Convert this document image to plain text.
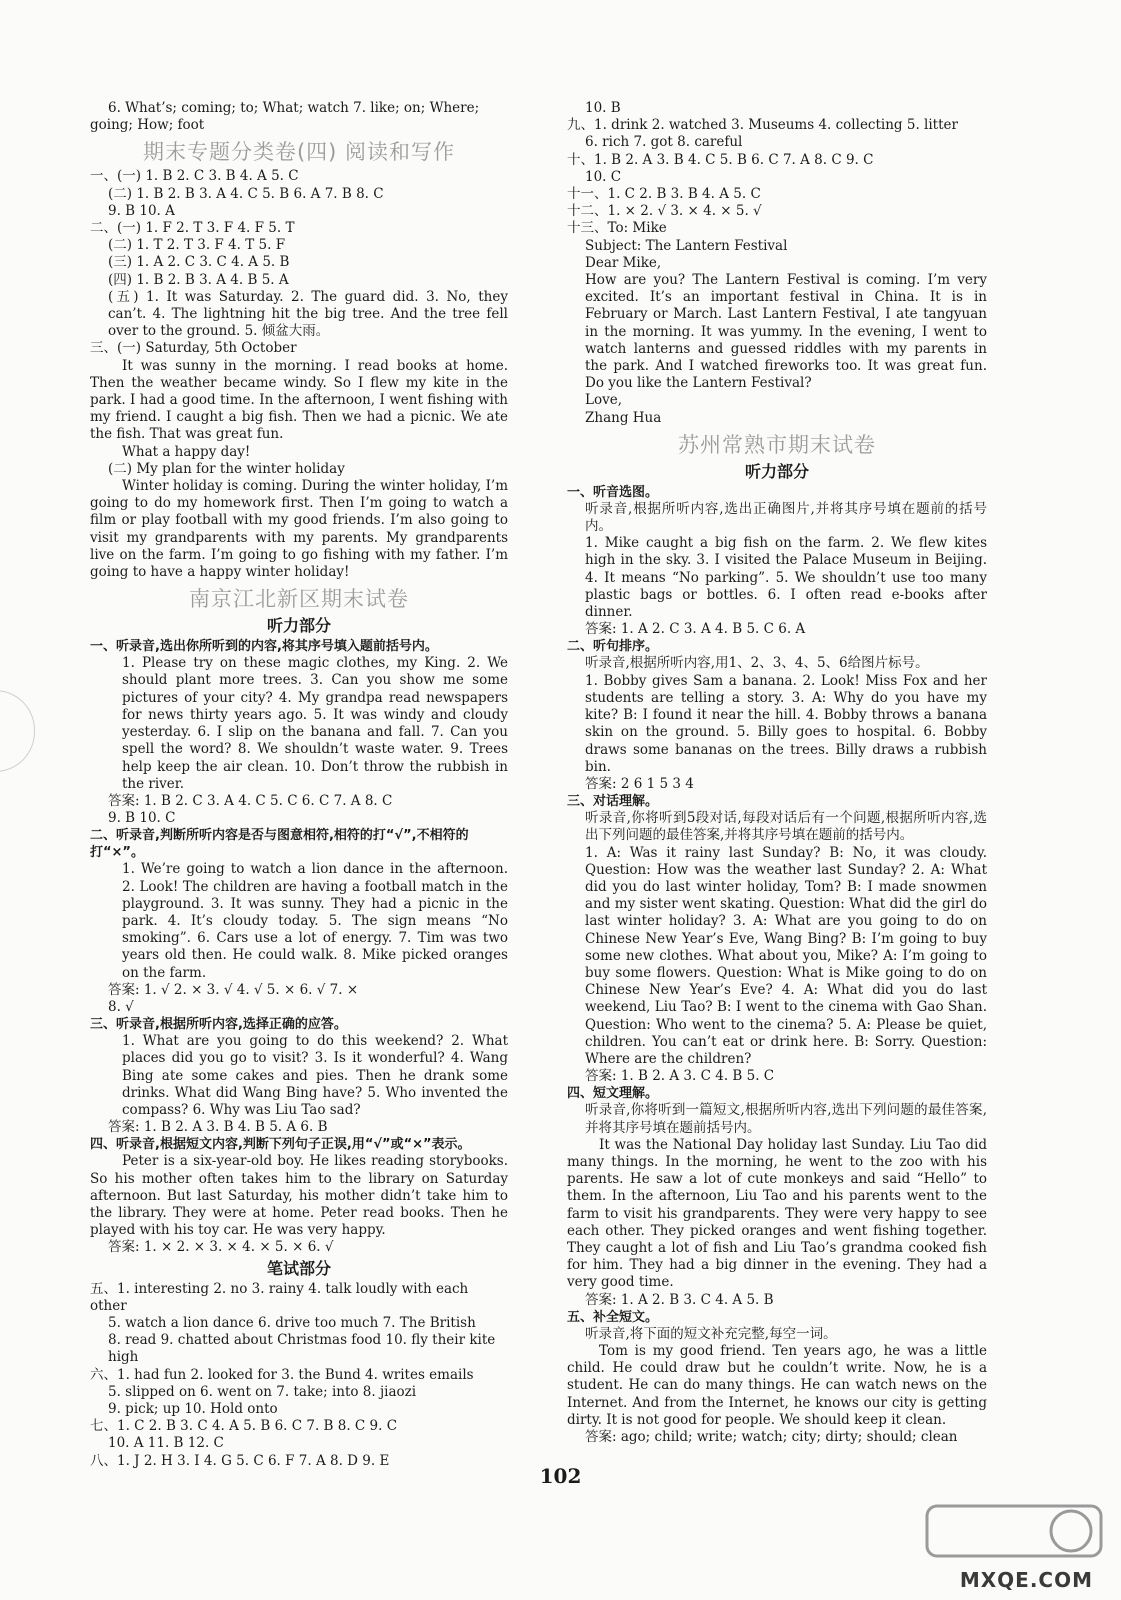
6. What’s; coming; to; What; watch 7. like; on; Where;
going; How; foot
期末专题分类卷(四) 阅读和写作
一、(一) 1. B 2. C 3. B 4. A 5. C
(二) 1. B 2. B 3. A 4. C 5. B 6. A 7. B 8. C
9. B 10. A
二、(一) 1. F 2. T 3. F 4. F 5. T
(二) 1. T 2. T 3. F 4. T 5. F
(三) 1. A 2. C 3. C 4. A 5. B
(四) 1. B 2. B 3. A 4. B 5. A
(五) 1. It was Saturday. 2. The guard did. 3. No, they can’t. 4. The lightning hit the big tree. And the tree fell over to the ground. 5. 倾盆大雨。
三、(一) Saturday, 5th October
It was sunny in the morning. I read books at home. Then the weather became windy. So I flew my kite in the park. I had a good time. In the afternoon, I went fishing with my friend. I caught a big fish. Then we had a picnic. We ate the fish. That was great fun.
What a happy day!
(二) My plan for the winter holiday
Winter holiday is coming. During the winter holiday, I’m going to do my homework first. Then I’m going to watch a film or play football with my good friends. I’m also going to visit my grandparents with my parents. My grandparents live on the farm. I’m going to go fishing with my father. I’m going to have a happy winter holiday!
南京江北新区期末试卷
听力部分
一、听录音,选出你所听到的内容,将其序号填入题前括号内。
1. Please try on these magic clothes, my King. 2. We should plant more trees. 3. Can you show me some pictures of your city? 4. My grandpa read newspapers for news thirty years ago. 5. It was windy and cloudy yesterday. 6. I slip on the banana and fall. 7. Can you spell the word? 8. We shouldn’t waste water. 9. Trees help keep the air clean. 10. Don’t throw the rubbish in the river.
答案: 1. B 2. C 3. A 4. C 5. C 6. C 7. A 8. C
9. B 10. C
二、听录音,判断所听内容是否与图意相符,相符的打“√”,不相符的打“×”。
1. We’re going to watch a lion dance in the afternoon. 2. Look! The children are having a football match in the playground. 3. It was sunny. They had a picnic in the park. 4. It’s cloudy today. 5. The sign means “No smoking”. 6. Cars use a lot of energy. 7. Tim was two years old then. He could walk. 8. Mike picked oranges on the farm.
答案: 1. √ 2. × 3. √ 4. √ 5. × 6. √ 7. ×
8. √
三、听录音,根据所听内容,选择正确的应答。
1. What are you going to do this weekend? 2. What places did you go to visit? 3. Is it wonderful? 4. Wang Bing ate some cakes and pies. Then he drank some drinks. What did Wang Bing have? 5. Who invented the compass? 6. Why was Liu Tao sad?
答案: 1. B 2. A 3. B 4. B 5. A 6. B
四、听录音,根据短文内容,判断下列句子正误,用“√”或“×”表示。
Peter is a six-year-old boy. He likes reading storybooks. So his mother often takes him to the library on Saturday afternoon. But last Saturday, his mother didn’t take him to the library. They were at home. Peter read books. Then he played with his toy car. He was very happy.
答案: 1. × 2. × 3. × 4. × 5. × 6. √
笔试部分
五、1. interesting 2. no 3. rainy 4. talk loudly with each other
5. watch a lion dance 6. drive too much 7. The British
8. read 9. chatted about Christmas food 10. fly their kite high
六、1. had fun 2. looked for 3. the Bund 4. writes emails
5. slipped on 6. went on 7. take; into 8. jiaozi
9. pick; up 10. Hold onto
七、1. C 2. B 3. C 4. A 5. B 6. C 7. B 8. C 9. C
10. A 11. B 12. C
八、1. J 2. H 3. I 4. G 5. C 6. F 7. A 8. D 9. E
10. B
九、1. drink 2. watched 3. Museums 4. collecting 5. litter
6. rich 7. got 8. careful
十、1. B 2. A 3. B 4. C 5. B 6. C 7. A 8. C 9. C
10. C
十一、1. C 2. B 3. B 4. A 5. C
十二、1. × 2. √ 3. × 4. × 5. √
十三、To: Mike
Subject: The Lantern Festival
Dear Mike,
How are you? The Lantern Festival is coming. I’m very excited. It’s an important festival in China. It is in February or March. Last Lantern Festival, I ate tangyuan in the morning. It was yummy. In the evening, I went to watch lanterns and guessed riddles with my parents in the park. And I watched fireworks too. It was great fun. Do you like the Lantern Festival?
Love,
Zhang Hua
苏州常熟市期末试卷
听力部分
一、听音选图。
听录音,根据所听内容,选出正确图片,并将其序号填在题前的括号内。
1. Mike caught a big fish on the farm. 2. We flew kites high in the sky. 3. I visited the Palace Museum in Beijing. 4. It means “No parking”. 5. We shouldn’t use too many plastic bags or bottles. 6. I often read e-books after dinner.
答案: 1. A 2. C 3. A 4. B 5. C 6. A
二、听句排序。
听录音,根据所听内容,用1、2、3、4、5、6给图片标号。
1. Bobby gives Sam a banana. 2. Look! Miss Fox and her students are telling a story. 3. A: Why do you have my kite? B: I found it near the hill. 4. Bobby throws a banana skin on the ground. 5. Billy goes to hospital. 6. Bobby draws some bananas on the trees. Billy draws a rubbish bin.
答案: 2 6 1 5 3 4
三、对话理解。
听录音,你将听到5段对话,每段对话后有一个问题,根据所听内容,选出下列问题的最佳答案,并将其序号填在题前的括号内。
1. A: Was it rainy last Sunday? B: No, it was cloudy. Question: How was the weather last Sunday? 2. A: What did you do last winter holiday, Tom? B: I made snowmen and my sister went skating. Question: What did the girl do last winter holiday? 3. A: What are you going to do on Chinese New Year’s Eve, Wang Bing? B: I’m going to buy some new clothes. What about you, Mike? A: I’m going to buy some flowers. Question: What is Mike going to do on Chinese New Year’s Eve? 4. A: What did you do last weekend, Liu Tao? B: I went to the cinema with Gao Shan. Question: Who went to the cinema? 5. A: Please be quiet, children. You can’t eat or drink here. B: Sorry. Question: Where are the children?
答案: 1. B 2. A 3. C 4. B 5. C
四、短文理解。
听录音,你将听到一篇短文,根据所听内容,选出下列问题的最佳答案,并将其序号填在题前括号内。
It was the National Day holiday last Sunday. Liu Tao did many things. In the morning, he went to the zoo with his parents. He saw a lot of cute monkeys and said “Hello” to them. In the afternoon, Liu Tao and his parents went to the farm to visit his grandparents. They were very happy to see each other. They picked oranges and went fishing together. They caught a lot of fish and Liu Tao’s grandma cooked fish for him. They had a big dinner in the evening. They had a very good time.
答案: 1. A 2. B 3. C 4. A 5. B
五、补全短文。
听录音,将下面的短文补充完整,每空一词。
Tom is my good friend. Ten years ago, he was a little child. He could draw but he couldn’t write. Now, he is a student. He can do many things. He can watch news on the Internet. And from the Internet, he knows our city is getting dirty. It is not good for people. We should keep it clean.
答案: ago; child; write; watch; city; dirty; should; clean
102
MXQE.COM
